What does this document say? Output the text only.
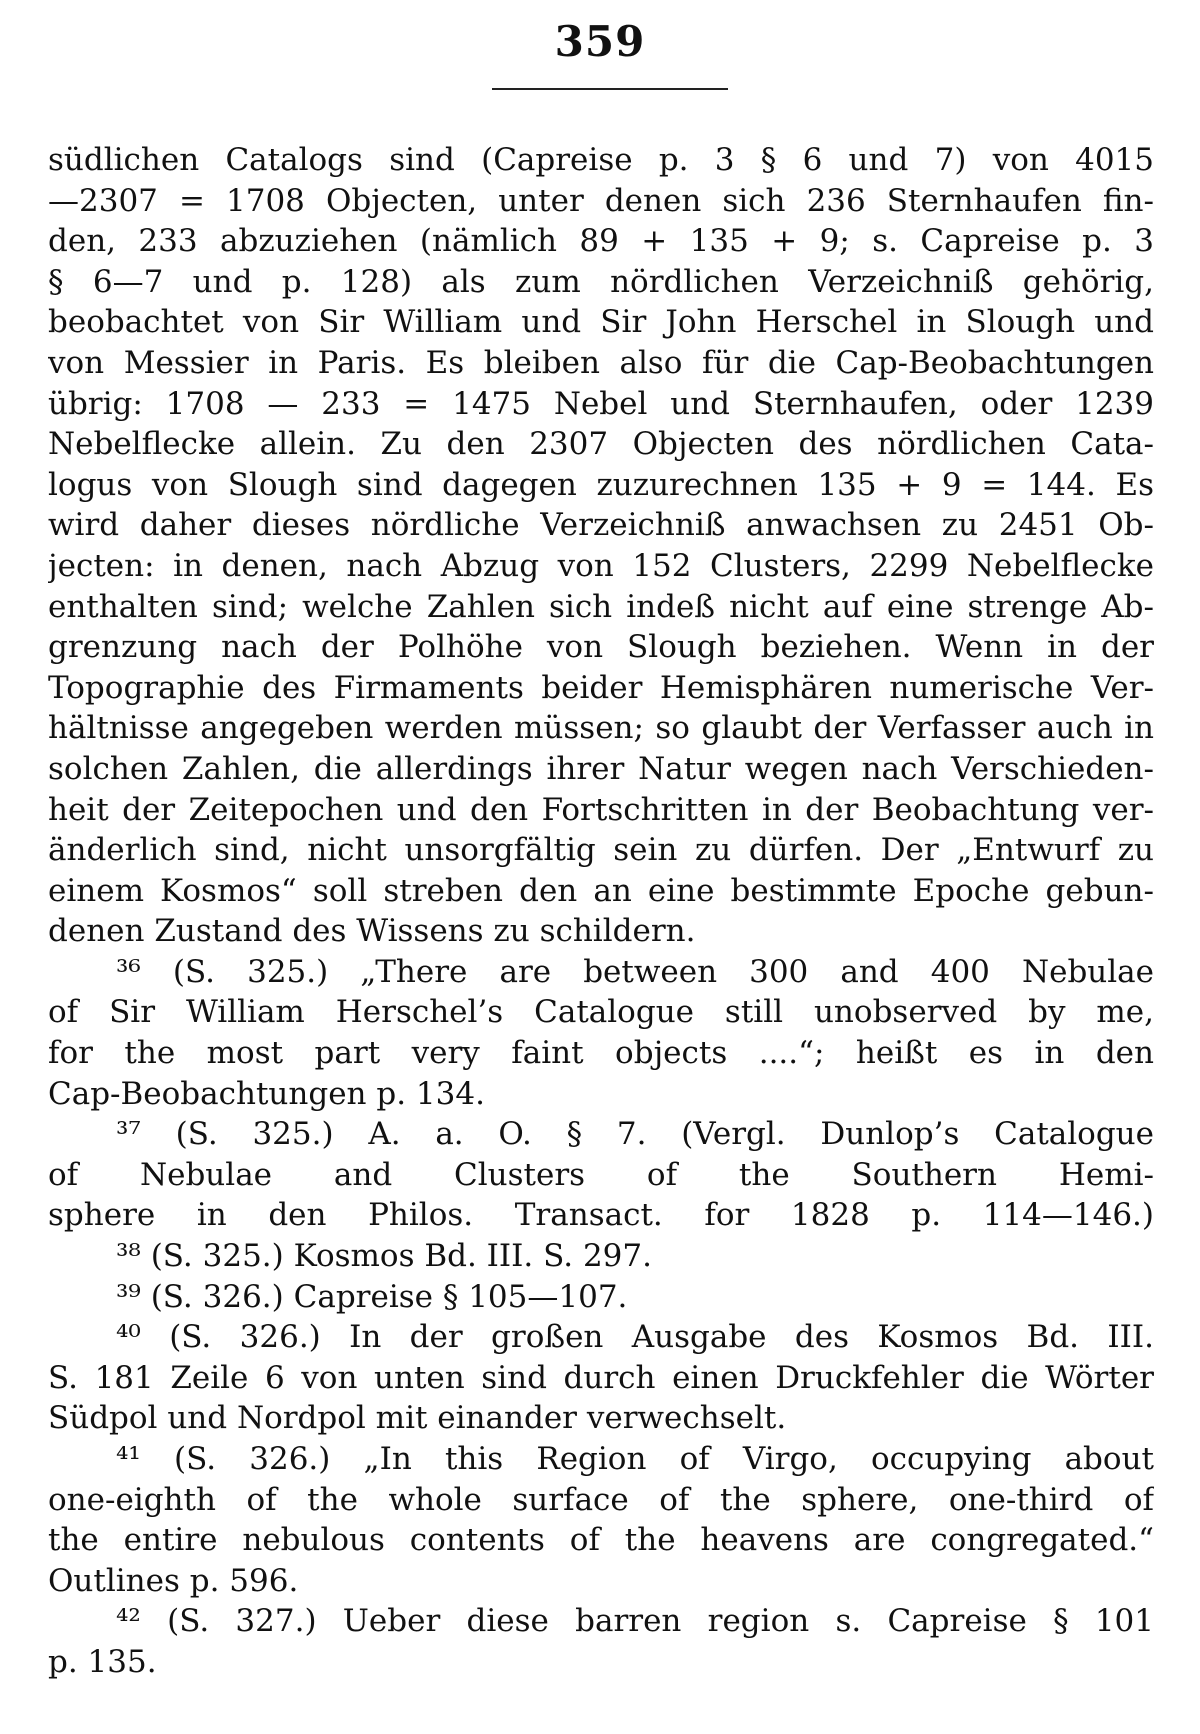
359
südlichen Catalogs sind (Capreise p. 3 § 6 und 7) von 4015
—2307 = 1708 Objecten, unter denen sich 236 Sternhaufen fin-
den, 233 abzuziehen (nämlich 89 + 135 + 9; s. Capreise p. 3
§ 6—7 und p. 128) als zum nördlichen Verzeichniß gehörig,
beobachtet von Sir William und Sir John Herschel in Slough und
von Messier in Paris. Es bleiben also für die Cap-Beobachtungen
übrig: 1708 — 233 = 1475 Nebel und Sternhaufen, oder 1239
Nebelflecke allein. Zu den 2307 Objecten des nördlichen Cata-
logus von Slough sind dagegen zuzurechnen 135 + 9 = 144. Es
wird daher dieses nördliche Verzeichniß anwachsen zu 2451 Ob-
jecten: in denen, nach Abzug von 152 Clusters, 2299 Nebelflecke
enthalten sind; welche Zahlen sich indeß nicht auf eine strenge Ab-
grenzung nach der Polhöhe von Slough beziehen. Wenn in der
Topographie des Firmaments beider Hemisphären numerische Ver-
hältnisse angegeben werden müssen; so glaubt der Verfasser auch in
solchen Zahlen, die allerdings ihrer Natur wegen nach Verschieden-
heit der Zeitepochen und den Fortschritten in der Beobachtung ver-
änderlich sind, nicht unsorgfältig sein zu dürfen. Der „Entwurf zu
einem Kosmos“ soll streben den an eine bestimmte Epoche gebun-
denen Zustand des Wissens zu schildern.
³⁶ (S. 325.) „There are between 300 and 400 Nebulae
of Sir William Herschel’s Catalogue still unobserved by me,
for the most part very faint objects ....“; heißt es in den
Cap-Beobachtungen p. 134.
³⁷ (S. 325.) A. a. O. § 7. (Vergl. Dunlop’s Catalogue
of Nebulae and Clusters of the Southern Hemi-
sphere in den Philos. Transact. for 1828 p. 114—146.)
³⁸ (S. 325.) Kosmos Bd. III. S. 297.
³⁹ (S. 326.) Capreise § 105—107.
⁴⁰ (S. 326.) In der großen Ausgabe des Kosmos Bd. III.
S. 181 Zeile 6 von unten sind durch einen Druckfehler die Wörter
Südpol und Nordpol mit einander verwechselt.
⁴¹ (S. 326.) „In this Region of Virgo, occupying about
one-eighth of the whole surface of the sphere, one-third of
the entire nebulous contents of the heavens are congregated.“
Outlines p. 596.
⁴² (S. 327.) Ueber diese barren region s. Capreise § 101
p. 135.
